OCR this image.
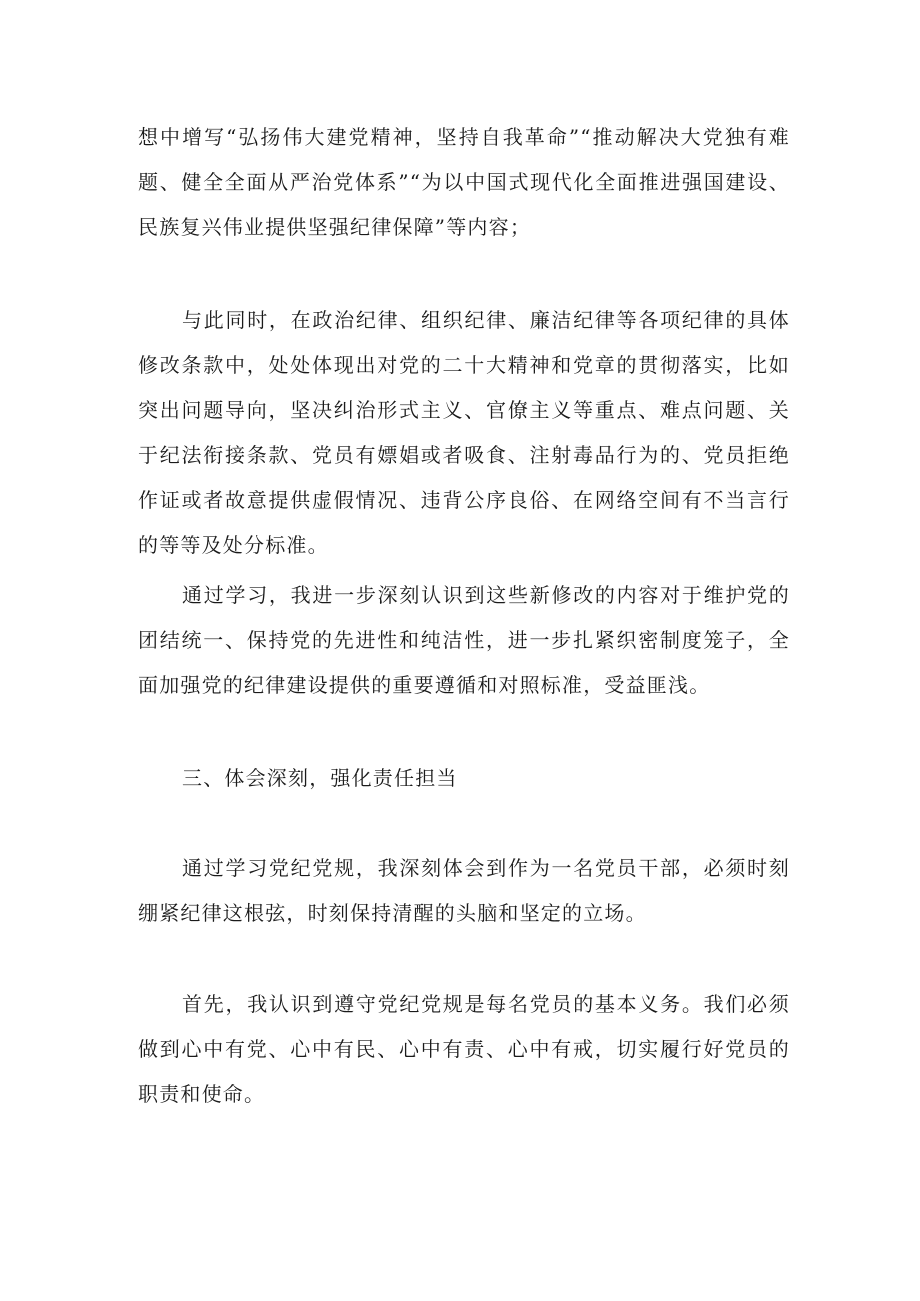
想中增写“弘扬伟大建党精神，坚持自我革命”“推动解决大党独有难题、健全全面从严治党体系”“为以中国式现代化全面推进强国建设、民族复兴伟业提供坚强纪律保障”等内容；

与此同时，在政治纪律、组织纪律、廉洁纪律等各项纪律的具体修改条款中，处处体现出对党的二十大精神和党章的贯彻落实，比如突出问题导向，坚决纠治形式主义、官僚主义等重点、难点问题、关于纪法衔接条款、党员有嫖娼或者吸食、注射毒品行为的、党员拒绝作证或者故意提供虚假情况、违背公序良俗、在网络空间有不当言行的等等及处分标准。

通过学习，我进一步深刻认识到这些新修改的内容对于维护党的团结统一、保持党的先进性和纯洁性，进一步扎紧织密制度笼子，全面加强党的纪律建设提供的重要遵循和对照标准，受益匪浅。

三、体会深刻，强化责任担当

通过学习党纪党规，我深刻体会到作为一名党员干部，必须时刻绷紧纪律这根弦，时刻保持清醒的头脑和坚定的立场。

首先，我认识到遵守党纪党规是每名党员的基本义务。我们必须做到心中有党、心中有民、心中有责、心中有戒，切实履行好党员的职责和使命。
